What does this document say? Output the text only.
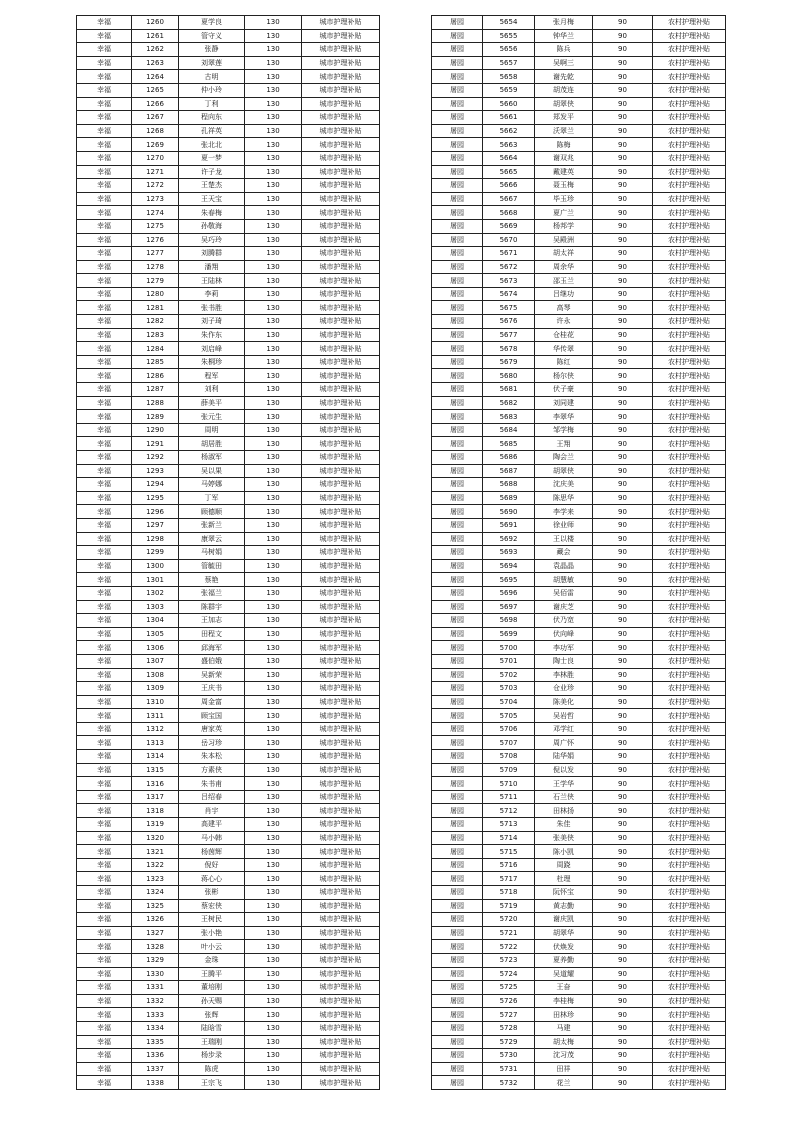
幸福	1260	夏学良	130	城市护理补贴
幸福	1261	管守义	130	城市护理补贴
幸福	1262	张静	130	城市护理补贴
幸福	1263	刘翠莲	130	城市护理补贴
幸福	1264	古明	130	城市护理补贴
幸福	1265	仲小玲	130	城市护理补贴
幸福	1266	丁利	130	城市护理补贴
幸福	1267	程向东	130	城市护理补贴
幸福	1268	孔祥英	130	城市护理补贴
幸福	1269	张北北	130	城市护理补贴
幸福	1270	夏一梦	130	城市护理补贴
幸福	1271	许子龙	130	城市护理补贴
幸福	1272	王楚杰	130	城市护理补贴
幸福	1273	王天宝	130	城市护理补贴
幸福	1274	朱春梅	130	城市护理补贴
幸福	1275	孙敬海	130	城市护理补贴
幸福	1276	吴巧玲	130	城市护理补贴
幸福	1277	刘腾群	130	城市护理补贴
幸福	1278	潘翔	130	城市护理补贴
幸福	1279	王陆林	130	城市护理补贴
幸福	1280	李莉	130	城市护理补贴
幸福	1281	张书胜	130	城市护理补贴
幸福	1282	刘子琦	130	城市护理补贴
幸福	1283	朱作东	130	城市护理补贴
幸福	1284	刘启峰	130	城市护理补贴
幸福	1285	朱桐珍	130	城市护理补贴
幸福	1286	程军	130	城市护理补贴
幸福	1287	刘利	130	城市护理补贴
幸福	1288	薛美平	130	城市护理补贴
幸福	1289	张元生	130	城市护理补贴
幸福	1290	周明	130	城市护理补贴
幸福	1291	胡居胜	130	城市护理补贴
幸福	1292	杨淑军	130	城市护理补贴
幸福	1293	吴以果	130	城市护理补贴
幸福	1294	马婷娜	130	城市护理补贴
幸福	1295	丁军	130	城市护理补贴
幸福	1296	顾德顺	130	城市护理补贴
幸福	1297	张新兰	130	城市护理补贴
幸福	1298	康翠云	130	城市护理补贴
幸福	1299	马树娟	130	城市护理补贴
幸福	1300	管毓田	130	城市护理补贴
幸福	1301	蔡艳	130	城市护理补贴
幸福	1302	张福兰	130	城市护理补贴
幸福	1303	陈群宇	130	城市护理补贴
幸福	1304	王加志	130	城市护理补贴
幸福	1305	田程文	130	城市护理补贴
幸福	1306	邱海军	130	城市护理补贴
幸福	1307	盛伯娥	130	城市护理补贴
幸福	1308	吴新荣	130	城市护理补贴
幸福	1309	王庆书	130	城市护理补贴
幸福	1310	周金富	130	城市护理补贴
幸福	1311	顾宝国	130	城市护理补贴
幸福	1312	唐家英	130	城市护理补贴
幸福	1313	岳习珍	130	城市护理补贴
幸福	1314	朱本松	130	城市护理补贴
幸福	1315	方素侠	130	城市护理补贴
幸福	1316	朱书甫	130	城市护理补贴
幸福	1317	吕绍春	130	城市护理补贴
幸福	1318	肖宇	130	城市护理补贴
幸福	1319	高建平	130	城市护理补贴
幸福	1320	马小韩	130	城市护理补贴
幸福	1321	杨茵辉	130	城市护理补贴
幸福	1322	倪好	130	城市护理补贴
幸福	1323	蒋心心	130	城市护理补贴
幸福	1324	张彬	130	城市护理补贴
幸福	1325	蔡宏侠	130	城市护理补贴
幸福	1326	王树民	130	城市护理补贴
幸福	1327	张小艳	130	城市护理补贴
幸福	1328	叶小云	130	城市护理补贴
幸福	1329	金珠	130	城市护理补贴
幸福	1330	王腾平	130	城市护理补贴
幸福	1331	董培刚	130	城市护理补贴
幸福	1332	孙天赐	130	城市护理补贴
幸福	1333	张辉	130	城市护理补贴
幸福	1334	陆晗雪	130	城市护理补贴
幸福	1335	王瑞刚	130	城市护理补贴
幸福	1336	杨步录	130	城市护理补贴
幸福	1337	陈虎	130	城市护理补贴
幸福	1338	王宗飞	130	城市护理补贴
屠园	5654	张月梅	90	农村护理补贴
屠园	5655	钟华兰	90	农村护理补贴
屠园	5656	陈兵	90	农村护理补贴
屠园	5657	吴啊三	90	农村护理补贴
屠园	5658	谢先乾	90	农村护理补贴
屠园	5659	胡茂连	90	农村护理补贴
屠园	5660	胡翠侠	90	农村护理补贴
屠园	5661	郑发平	90	农村护理补贴
屠园	5662	沃翠兰	90	农村护理补贴
屠园	5663	陈梅	90	农村护理补贴
屠园	5664	谢双兆	90	农村护理补贴
屠园	5665	戴建英	90	农村护理补贴
屠园	5666	聂玉梅	90	农村护理补贴
屠园	5667	毕玉珍	90	农村护理补贴
屠园	5668	夏广兰	90	农村护理补贴
屠园	5669	杨邦学	90	农村护理补贴
屠园	5670	吴殿洲	90	农村护理补贴
屠园	5671	胡太祥	90	农村护理补贴
屠园	5672	周余华	90	农村护理补贴
屠园	5673	邵玉兰	90	农村护理补贴
屠园	5674	吕继功	90	农村护理补贴
屠园	5675	高琴	90	农村护理补贴
屠园	5676	许永	90	农村护理补贴
屠园	5677	仓桂花	90	农村护理补贴
屠园	5678	华传翠	90	农村护理补贴
屠园	5679	陈红	90	农村护理补贴
屠园	5680	杨尔侠	90	农村护理补贴
屠园	5681	伏子豪	90	农村护理补贴
屠园	5682	刘同建	90	农村护理补贴
屠园	5683	李翠华	90	农村护理补贴
屠园	5684	邹学梅	90	农村护理补贴
屠园	5685	王翔	90	农村护理补贴
屠园	5686	陶会兰	90	农村护理补贴
屠园	5687	胡翠侠	90	农村护理补贴
屠园	5688	沈庆美	90	农村护理补贴
屠园	5689	陈思华	90	农村护理补贴
屠园	5690	李学来	90	农村护理补贴
屠园	5691	徐业师	90	农村护理补贴
屠园	5692	王以楼	90	农村护理补贴
屠园	5693	藏会	90	农村护理补贴
屠园	5694	袁晶晶	90	农村护理补贴
屠园	5695	胡慧敏	90	农村护理补贴
屠园	5696	吴佰雷	90	农村护理补贴
屠园	5697	谢庆芝	90	农村护理补贴
屠园	5698	伏乃宽	90	农村护理补贴
屠园	5699	伏向峰	90	农村护理补贴
屠园	5700	李功军	90	农村护理补贴
屠园	5701	陶士良	90	农村护理补贴
屠园	5702	李林胜	90	农村护理补贴
屠园	5703	仓业珍	90	农村护理补贴
屠园	5704	陈美化	90	农村护理补贴
屠园	5705	吴岩哲	90	农村护理补贴
屠园	5706	邓学红	90	农村护理补贴
屠园	5707	周广怀	90	农村护理补贴
屠园	5708	陆华娟	90	农村护理补贴
屠园	5709	倪以发	90	农村护理补贴
屠园	5710	王学华	90	农村护理补贴
屠园	5711	石兰侠	90	农村护理补贴
屠园	5712	田林扬	90	农村护理补贴
屠园	5713	朱佳	90	农村护理补贴
屠园	5714	张美侠	90	农村护理补贴
屠园	5715	陈小凯	90	农村护理补贴
屠园	5716	周跷	90	农村护理补贴
屠园	5717	杜理	90	农村护理补贴
屠园	5718	阮怀宝	90	农村护理补贴
屠园	5719	黄志勤	90	农村护理补贴
屠园	5720	谢庆凯	90	农村护理补贴
屠园	5721	胡翠华	90	农村护理补贴
屠园	5722	伏焕发	90	农村护理补贴
屠园	5723	夏养勤	90	农村护理补贴
屠园	5724	吴道耀	90	农村护理补贴
屠园	5725	王奋	90	农村护理补贴
屠园	5726	李桂梅	90	农村护理补贴
屠园	5727	田林珍	90	农村护理补贴
屠园	5728	马建	90	农村护理补贴
屠园	5729	胡太梅	90	农村护理补贴
屠园	5730	沈习茂	90	农村护理补贴
屠园	5731	田祥	90	农村护理补贴
屠园	5732	花兰	90	农村护理补贴
